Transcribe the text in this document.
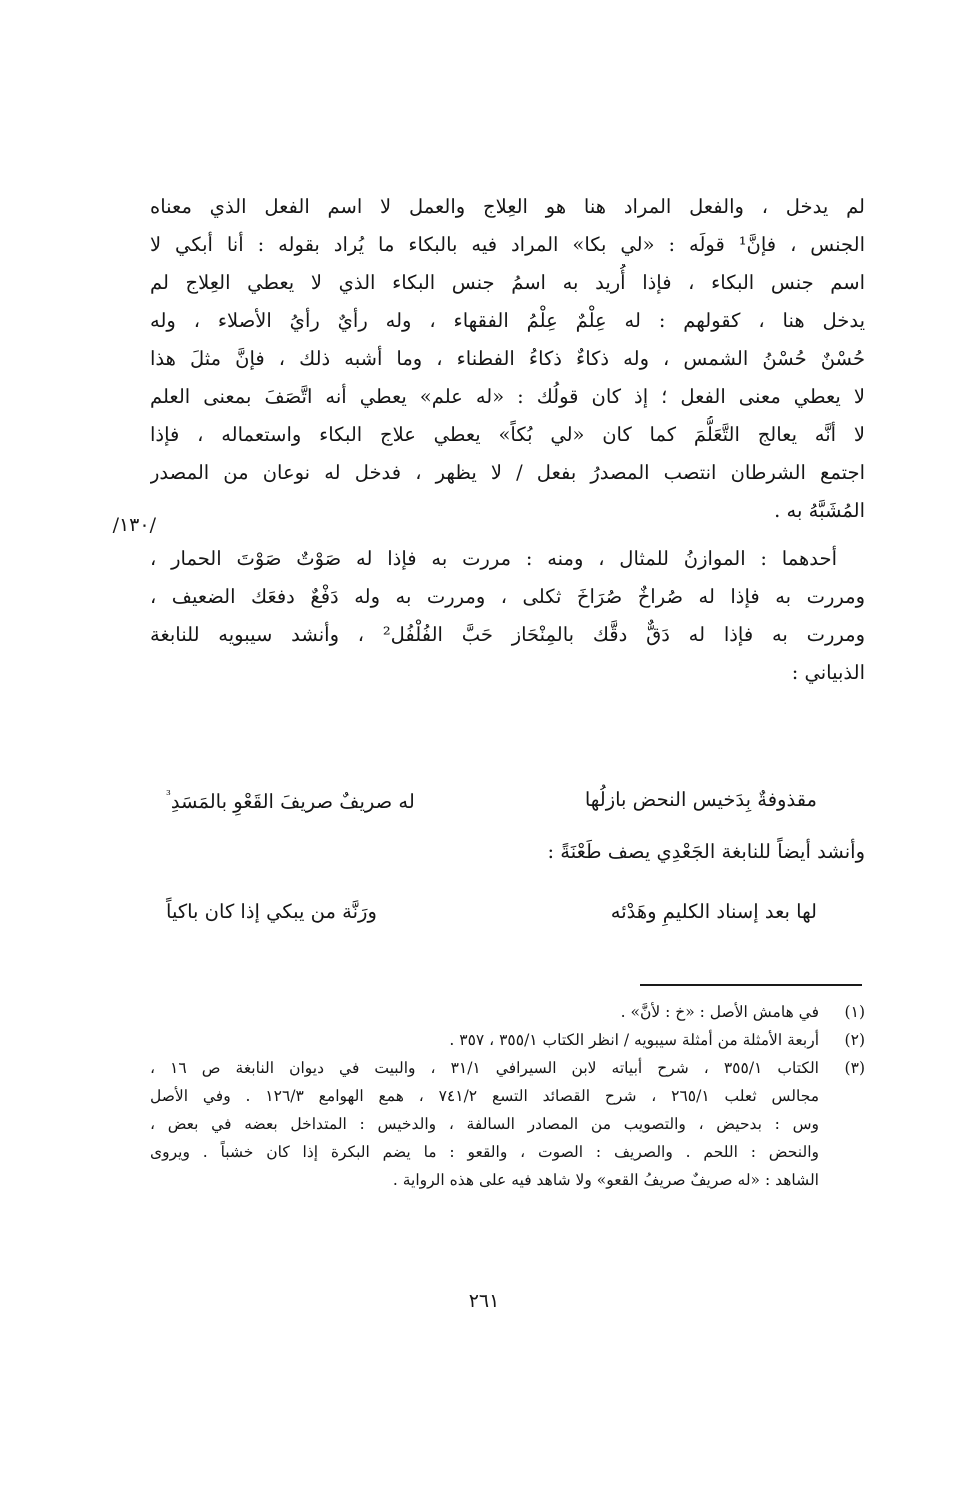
لم يدخل ، والفعل المراد هنا هو العِلاج والعمل لا اسم الفعل الذي معناه
الجنس ، فإنَّ¹ قولَه : «لي بكا» المراد فيه بالبكاء ما يُراد بقوله : أنا أبكي لا
اسم جنس البكاء ، فإذا أُريد به اسمُ جنس البكاء الذي لا يعطي العِلاج لم
يدخل هنا ، كقولهم : له عِلْمٌ عِلْمُ الفقهاء ، وله رأيٌ رأيُ الأصلاء ، وله
حُسْنٌ حُسْنُ الشمس ، وله ذكاءٌ ذكاءُ الفطناء ، وما أشبه ذلك ، فإنَّ مثلَ هذا
لا يعطي معنى الفعل ؛ إذ كان قولُك : «له علم» يعطي أنه اتَّصَفَ بمعنى العلم
لا أنَّه يعالج التَّعَلُّمَ كما كان «لي بُكاً» يعطي علاج البكاء واستعماله ، فإذا
اجتمع الشرطان انتصب المصدرُ بفعل / لا يظهر ، فدخل له نوعان من المصدر
المُشَبَّهُ به .
أحدهما : الموازنُ للمثال ، ومنه : مررت به فإذا له صَوْتٌ صَوْتَ الحمار ،
ومررت به فإذا له صُراخٌ صُرَاخَ ثكلى ، ومررت به وله دَفْعٌ دفعَك الضعيف ،
ومررت به فإذا له دَقٌّ دقَّك بالمِنْحَاز حَبَّ الفُلْفُل² ، وأنشد سيبويه للنابغة
الذبياني :
/١٣٠/
مقذوفةٌ بِدَخيس النحض بازلُها
له صريفٌ صريفَ القَعْوِ بالمَسَدِ$^{^3}$
وأنشد أيضاً للنابغة الجَعْدِي يصف طَعْنَةً :
لها بعد إسناد الكليمِ وهَدْئه
ورَنَّة من يبكي إذا كان باكياً
(١)
في هامش الأصل : «خ : لأنَّ» .
(٢)
أربعة الأمثلة من أمثلة سيبويه / انظر الكتاب ٣٥٥/١ ، ٣٥٧ .
(٣)
الكتاب ٣٥٥/١ ، شرح أبياته لابن السيرافي ٣١/١ ، والبيت في ديوان النابغة ص ١٦ ،
مجالس ثعلب ٢٦٥/١ ، شرح القصائد التسع ٧٤١/٢ ، همع الهوامع ١٢٦/٣ . وفي الأصل
وس : بدحيض ، والتصويب من المصادر السالفة ، والدخيس : المتداخل بعضه في بعض ،
والنحض : اللحم . والصريف : الصوت ، والقعو : ما يضم البكرة إذا كان خشباً . ويروى
الشاهد : «له صريفٌ صريفُ القعو» ولا شاهد فيه على هذه الرواية .
٢٦١
